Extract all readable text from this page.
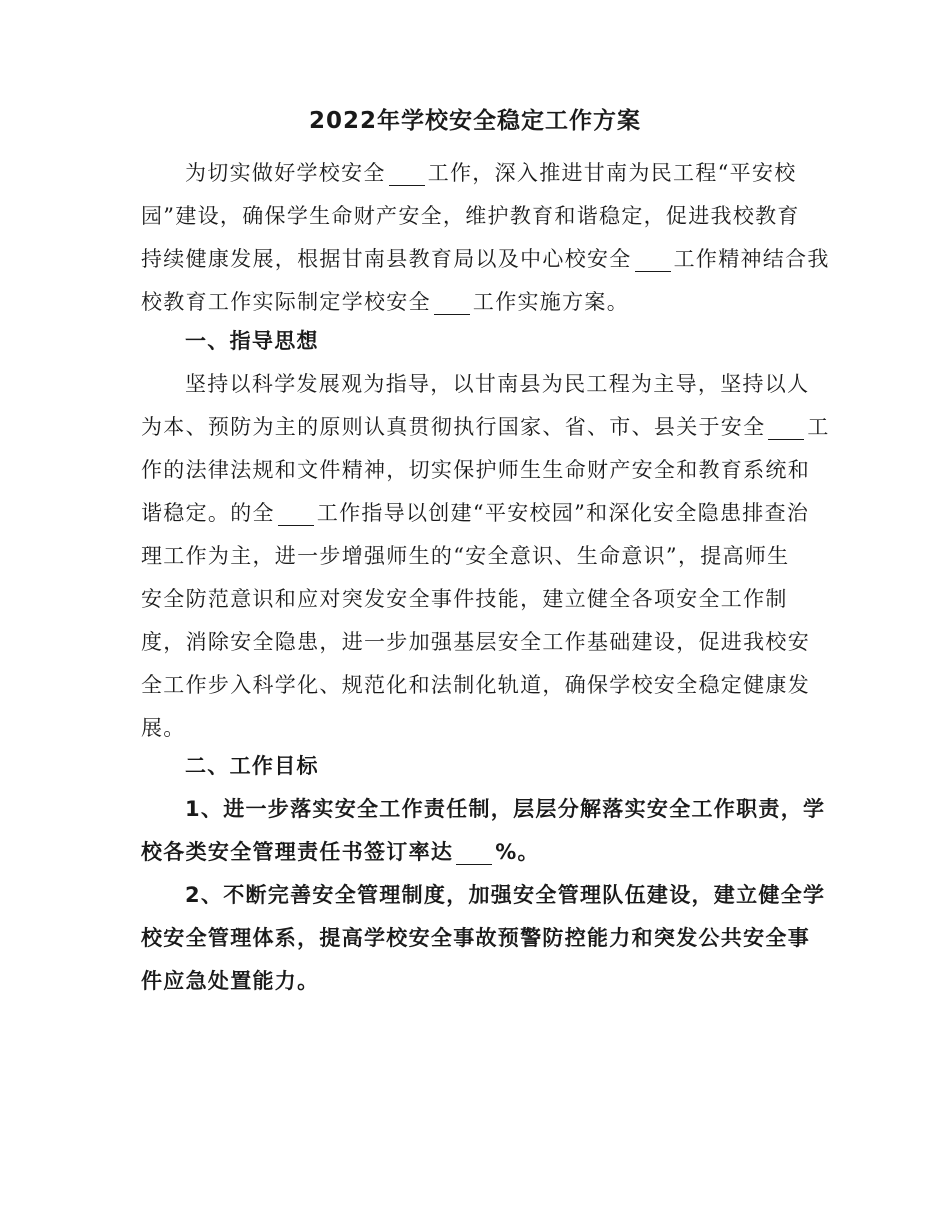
2022年学校安全稳定工作方案
为切实做好学校安全 工作，深入推进甘南为民工程“平安校
园”建设，确保学生命财产安全，维护教育和谐稳定，促进我校教育
持续健康发展，根据甘南县教育局以及中心校安全 工作精神结合我
校教育工作实际制定学校安全 工作实施方案。
一、指导思想
坚持以科学发展观为指导，以甘南县为民工程为主导，坚持以人
为本、预防为主的原则认真贯彻执行国家、省、市、县关于安全 工
作的法律法规和文件精神，切实保护师生生命财产安全和教育系统和
谐稳定。的全 工作指导以创建“平安校园”和深化安全隐患排查治
理工作为主，进一步增强师生的“安全意识、生命意识”，提高师生
安全防范意识和应对突发安全事件技能，建立健全各项安全工作制
度，消除安全隐患，进一步加强基层安全工作基础建设，促进我校安
全工作步入科学化、规范化和法制化轨道，确保学校安全稳定健康发
展。
二、工作目标
1、进一步落实安全工作责任制，层层分解落实安全工作职责，学
校各类安全管理责任书签订率达 %。
2、不断完善安全管理制度，加强安全管理队伍建设，建立健全学
校安全管理体系，提高学校安全事故预警防控能力和突发公共安全事
件应急处置能力。
